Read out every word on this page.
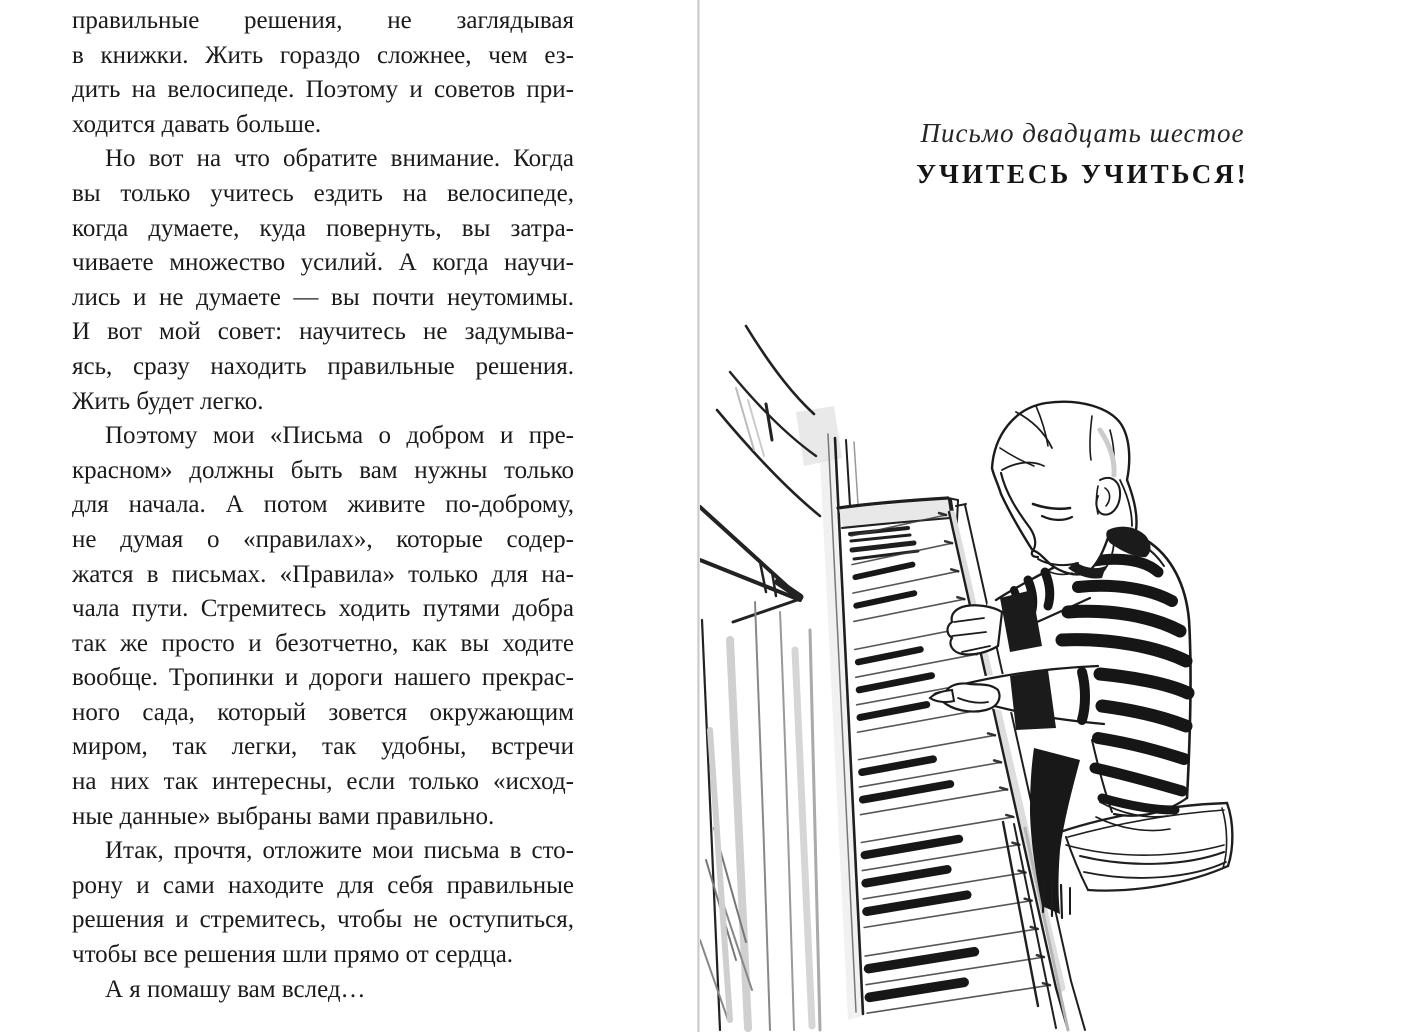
правильные решения, не заглядывая
в книжки. Жить гораздо сложнее, чем ез-
дить на велосипеде. Поэтому и советов при-
ходится давать больше.
Но вот на что обратите внимание. Когда
вы только учитесь ездить на велосипеде,
когда думаете, куда повернуть, вы затра-
чиваете множество усилий. А когда научи-
лись и не думаете — вы почти неутомимы.
И вот мой совет: научитесь не задумыва-
ясь, сразу находить правильные решения.
Жить будет легко.
Поэтому мои «Письма о добром и пре-
красном» должны быть вам нужны только
для начала. А потом живите по-доброму,
не думая о «правилах», которые содер-
жатся в письмах. «Правила» только для на-
чала пути. Стремитесь ходить путями добра
так же просто и безотчетно, как вы ходите
вообще. Тропинки и дороги нашего прекрас-
ного сада, который зовется окружающим
миром, так легки, так удобны, встречи
на них так интересны, если только «исход-
ные данные» выбраны вами правильно.
Итак, прочтя, отложите мои письма в сто-
рону и сами находите для себя правильные
решения и стремитесь, чтобы не оступиться,
чтобы все решения шли прямо от сердца.
А я помашу вам вслед…
Письмо двадцать шестое
УЧИТЕСЬ УЧИТЬСЯ!
